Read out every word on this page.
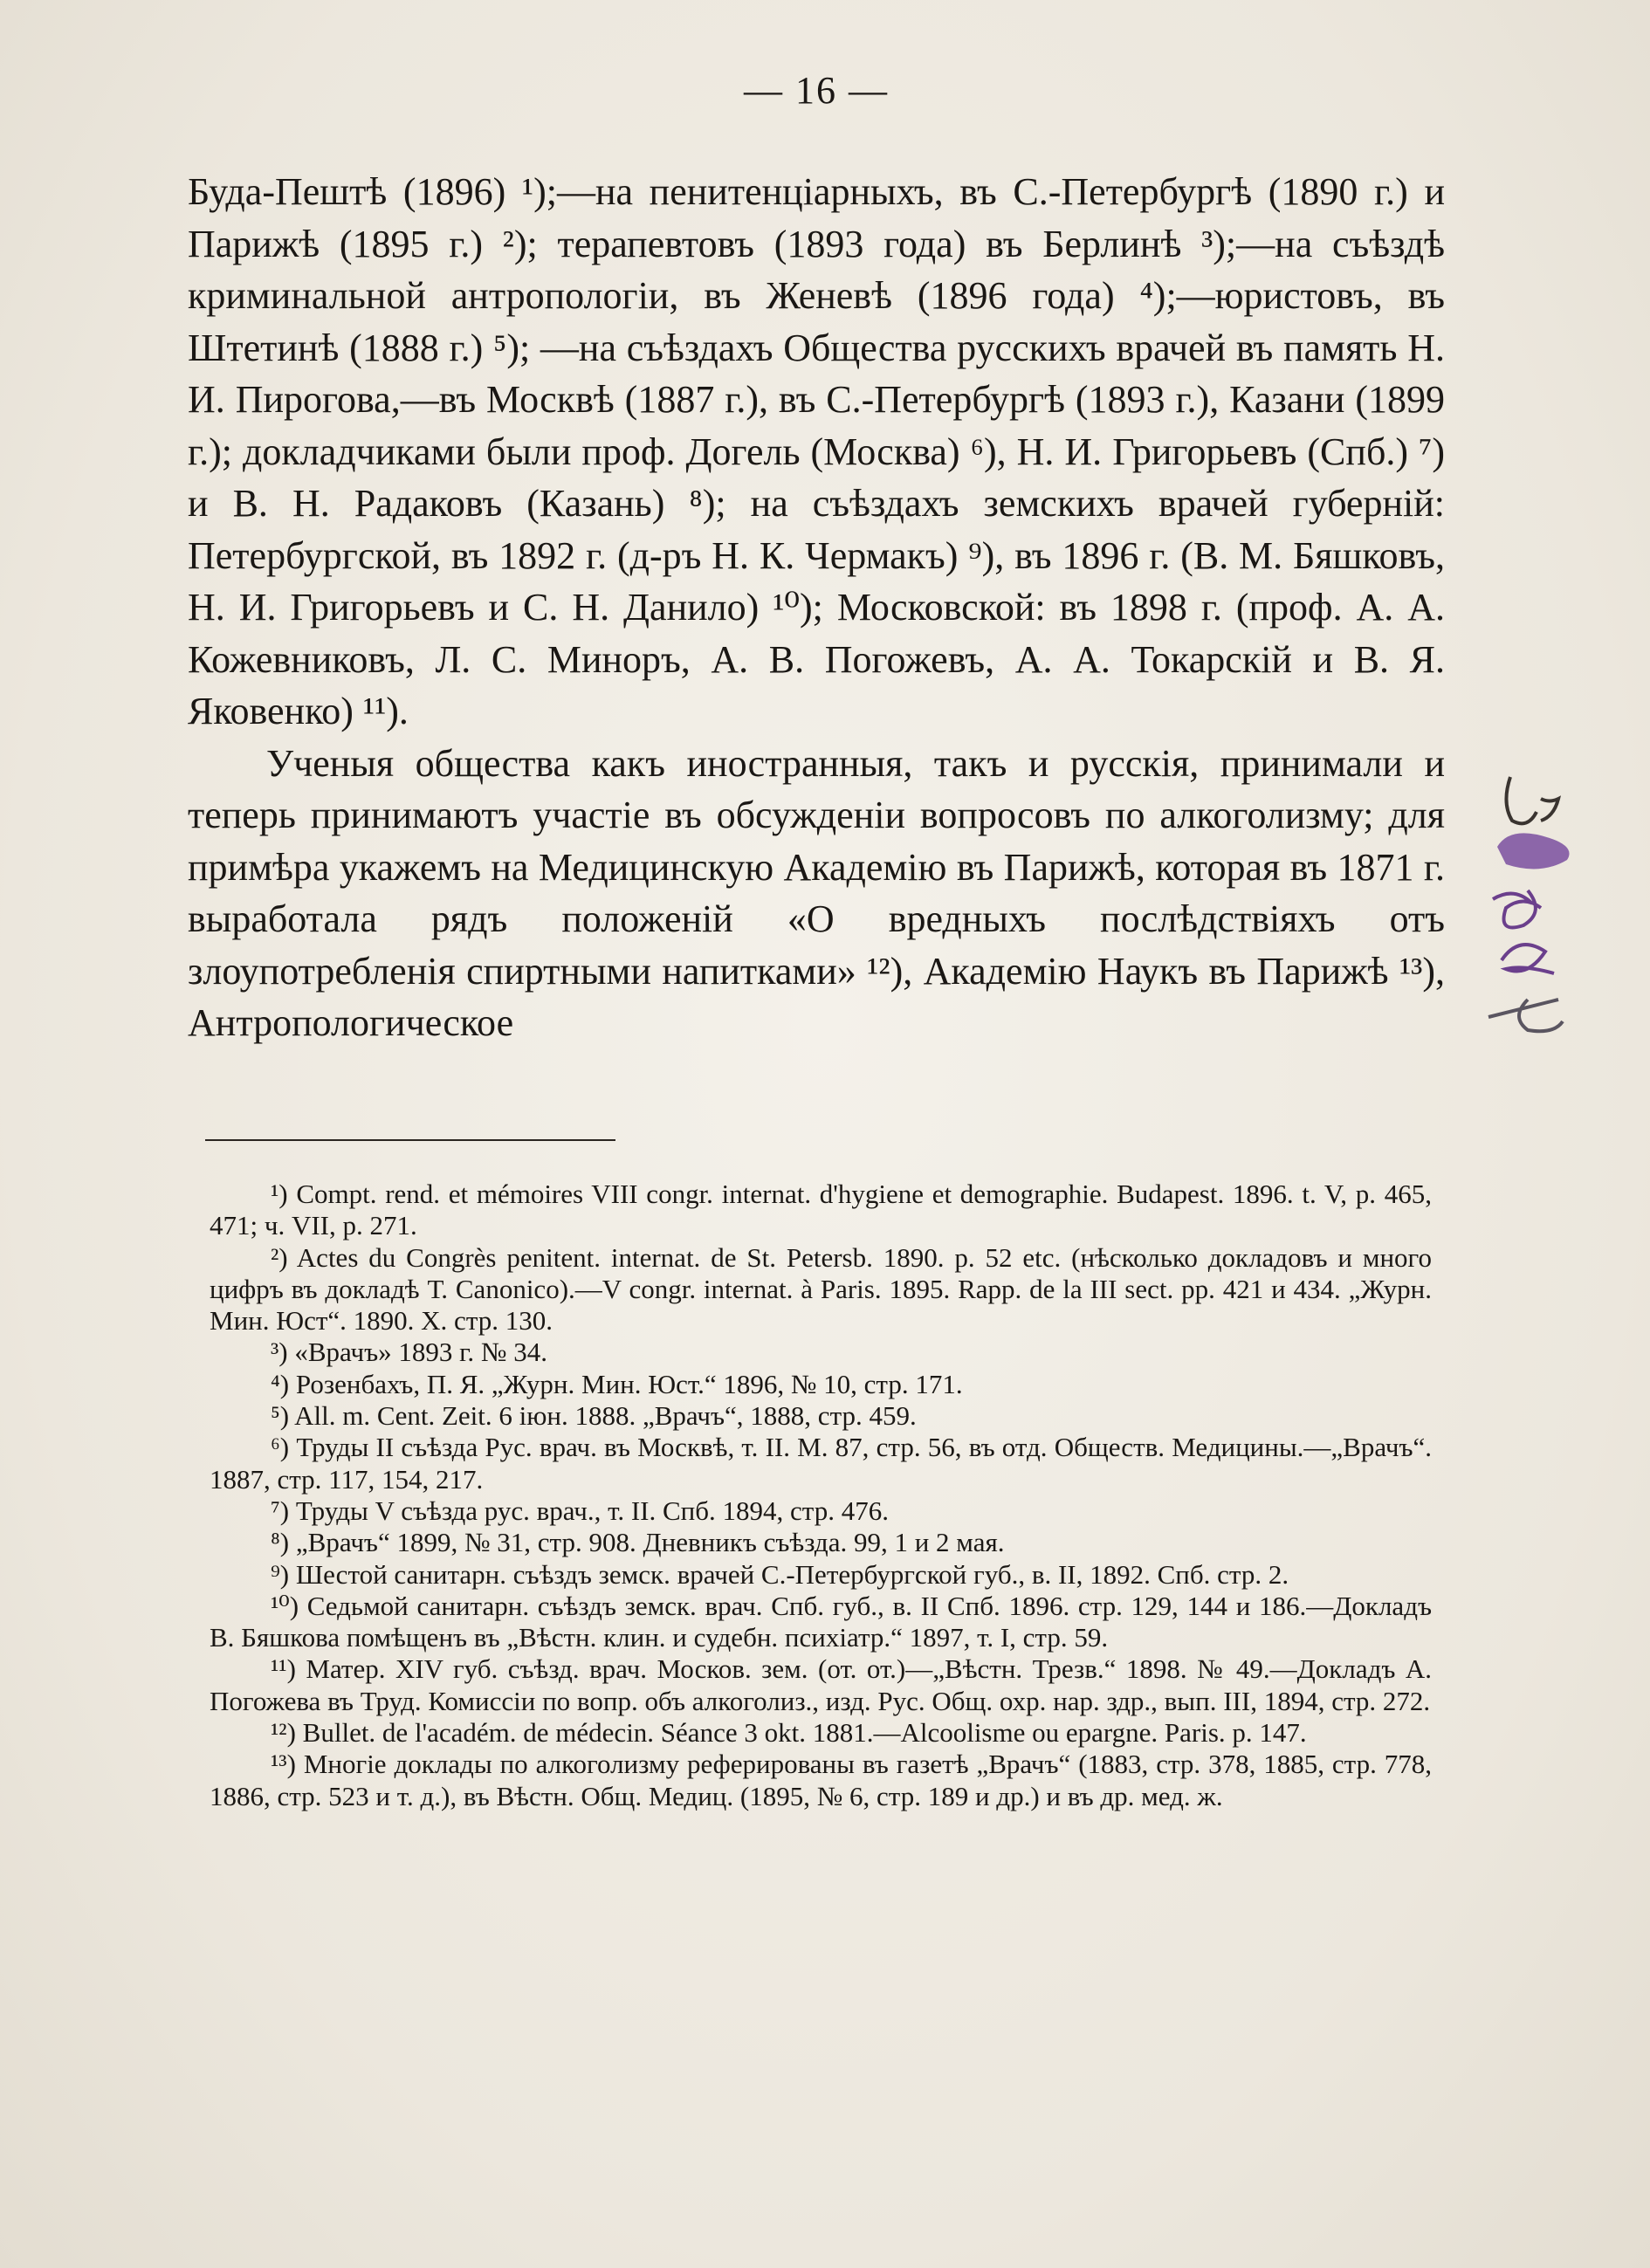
— 16 —

Буда-Пештѣ (1896) ¹);—на пенитенціарныхъ, въ С.-Петербургѣ (1890 г.) и Парижѣ (1895 г.) ²); терапевтовъ (1893 года) въ Берлинѣ ³);—на съѣздѣ криминальной антропологіи, въ Женевѣ (1896 года) ⁴);—юристовъ, въ Штетинѣ (1888 г.) ⁵); —на съѣздахъ Общества русскихъ врачей въ память Н. И. Пирогова,—въ Москвѣ (1887 г.), въ С.-Петербургѣ (1893 г.), Казани (1899 г.); докладчиками были проф. Догель (Москва) ⁶), Н. И. Григорьевъ (Спб.) ⁷) и В. Н. Радаковъ (Казань) ⁸); на съѣздахъ земскихъ врачей губерній: Петербургской, въ 1892 г. (д-ръ Н. К. Чермакъ) ⁹), въ 1896 г. (В. М. Бяшковъ, Н. И. Григорьевъ и С. Н. Данило) ¹⁰); Московской: въ 1898 г. (проф. А. А. Кожевниковъ, Л. С. Миноръ, А. В. Погожевъ, А. А. Токарскій и В. Я. Яковенко) ¹¹).

Ученыя общества какъ иностранныя, такъ и русскія, принимали и теперь принимаютъ участіе въ обсужденіи вопросовъ по алкоголизму; для примѣра укажемъ на Медицинскую Академію въ Парижѣ, которая въ 1871 г. выработала рядъ положеній «О вредныхъ послѣдствіяхъ отъ злоупотребленія спиртными напитками» ¹²), Академію Наукъ въ Парижѣ ¹³), Антропологическое

¹) Compt. rend. et mémoires VIII congr. internat. d'hygiene et demographie. Budapest. 1896. t. V, p. 465, 471; ч. VII, p. 271.

²) Actes du Congrès penitent. internat. de St. Petersb. 1890. p. 52 etc. (нѣсколько докладовъ и много цифръ въ докладѣ Т. Canonico).—V congr. internat. à Paris. 1895. Rapp. de la III sect. pp. 421 и 434. „Журн. Мин. Юст“. 1890. X. стр. 130.

³) «Врачъ» 1893 г. № 34.

⁴) Розенбахъ, П. Я. „Журн. Мин. Юст.“ 1896, № 10, стр. 171.

⁵) All. m. Cent. Zeit. 6 iюн. 1888. „Врачъ“, 1888, стр. 459.

⁶) Труды II съѣзда Рус. врач. въ Москвѣ, т. II. M. 87, стр. 56, въ отд. Обществ. Медицины.—„Врачъ“. 1887, стр. 117, 154, 217.

⁷) Труды V съѣзда рус. врач., т. II. Спб. 1894, стр. 476.

⁸) „Врачъ“ 1899, № 31, стр. 908. Дневникъ съѣзда. 99, 1 и 2 мая.

⁹) Шестой санитарн. съѣздъ земск. врачей С.-Петербургской губ., в. II, 1892. Спб. стр. 2.

¹⁰) Седьмой санитарн. съѣздъ земск. врач. Спб. губ., в. II Спб. 1896. стр. 129, 144 и 186.—Докладъ В. Бяшкова помѣщенъ въ „Вѣстн. клин. и судебн. психiатр.“ 1897, т. I, стр. 59.

¹¹) Матер. XIV губ. съѣзд. врач. Москов. зем. (от. от.)—„Вѣстн. Трезв.“ 1898. № 49.—Докладъ А. Погожева въ Труд. Комиссiи по вопр. объ алкоголиз., изд. Рус. Общ. охр. нар. здр., вып. III, 1894, стр. 272.

¹²) Bullet. de l'académ. de médecin. Séance 3 okt. 1881.—Alcoolisme ou epargne. Paris. p. 147.

¹³) Многiе доклады по алкоголизму реферированы въ газетѣ „Врачъ“ (1883, стр. 378, 1885, стр. 778, 1886, стр. 523 и т. д.), въ Вѣстн. Общ. Медиц. (1895, № 6, стр. 189 и др.) и въ др. мед. ж.
